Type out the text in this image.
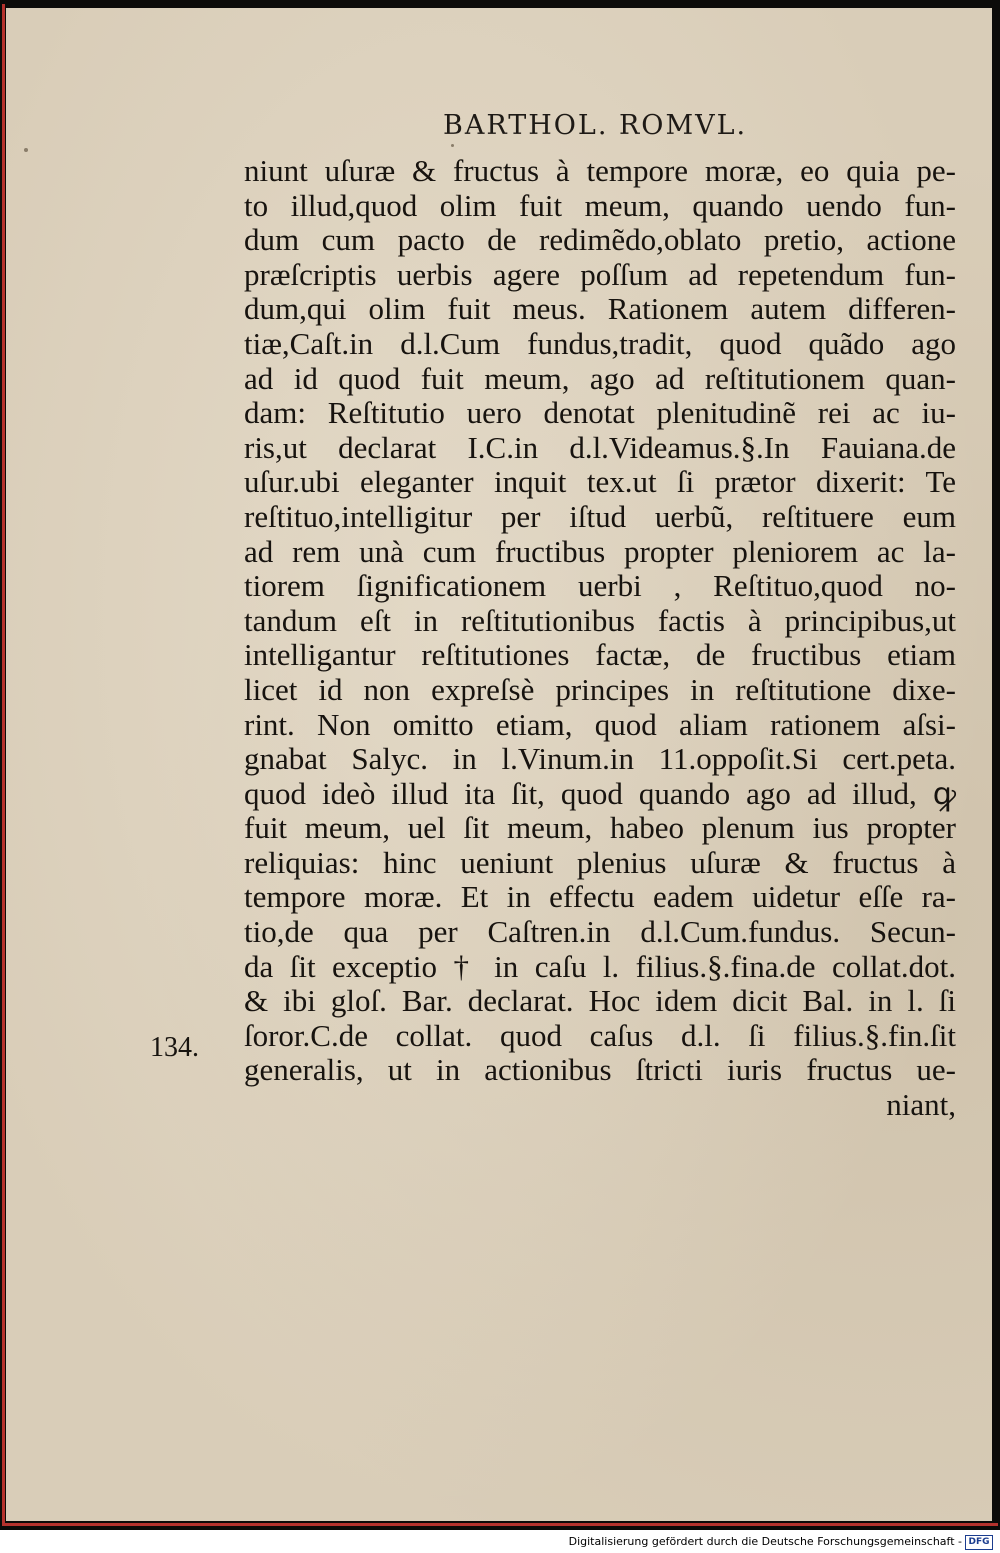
BARTHOL. ROMVL.
134.
niunt uſuræ & fructus à tempore moræ, eo quia pe-
to illud,quod olim fuit meum, quando uendo fun-
dum cum pacto de redimẽdo,oblato pretio, actione
præſcriptis uerbis agere poſſum ad repetendum fun-
dum,qui olim fuit meus. Rationem autem differen-
tiæ,Caſt.in d.l.Cum fundus,tradit, quod quãdo ago
ad id quod fuit meum, ago ad reſtitutionem quan-
dam: Reſtitutio uero denotat plenitudinẽ rei ac iu-
ris,ut declarat I.C.in d.l.Videamus.§.In Fauiana.de
uſur.ubi eleganter inquit tex.ut ſi prætor dixerit: Te
reſtituo,intelligitur per iſtud uerbũ, reſtituere eum
ad rem unà cum fructibus propter pleniorem ac la-
tiorem ſignificationem uerbi , Reſtituo,quod no-
tandum eſt in reſtitutionibus factis à principibus,ut
intelligantur reſtitutiones factæ, de fructibus etiam
licet id non expreſsè principes in reſtitutione dixe-
rint. Non omitto etiam, quod aliam rationem aſsi-
gnabat Salyc. in l.Vinum.in 11.oppoſit.Si cert.peta.
quod ideò illud ita ſit, quod quando ago ad illud, ꝙ
fuit meum, uel ſit meum, habeo plenum ius propter
reliquias: hinc ueniunt plenius uſuræ & fructus à
tempore moræ. Et in effectu eadem uidetur eſſe ra-
tio,de qua per Caſtren.in d.l.Cum.fundus. Secun-
da ſit exceptio † in caſu l. filius.§.fina.de collat.dot.
& ibi gloſ. Bar. declarat. Hoc idem dicit Bal. in l. ſi
ſoror.C.de collat. quod caſus d.l. ſi filius.§.fin.ſit
generalis, ut in actionibus ſtricti iuris fructus ue-
niant,
Digitalisierung gefördert durch die Deutsche Forschungsgemeinschaft - DFG
